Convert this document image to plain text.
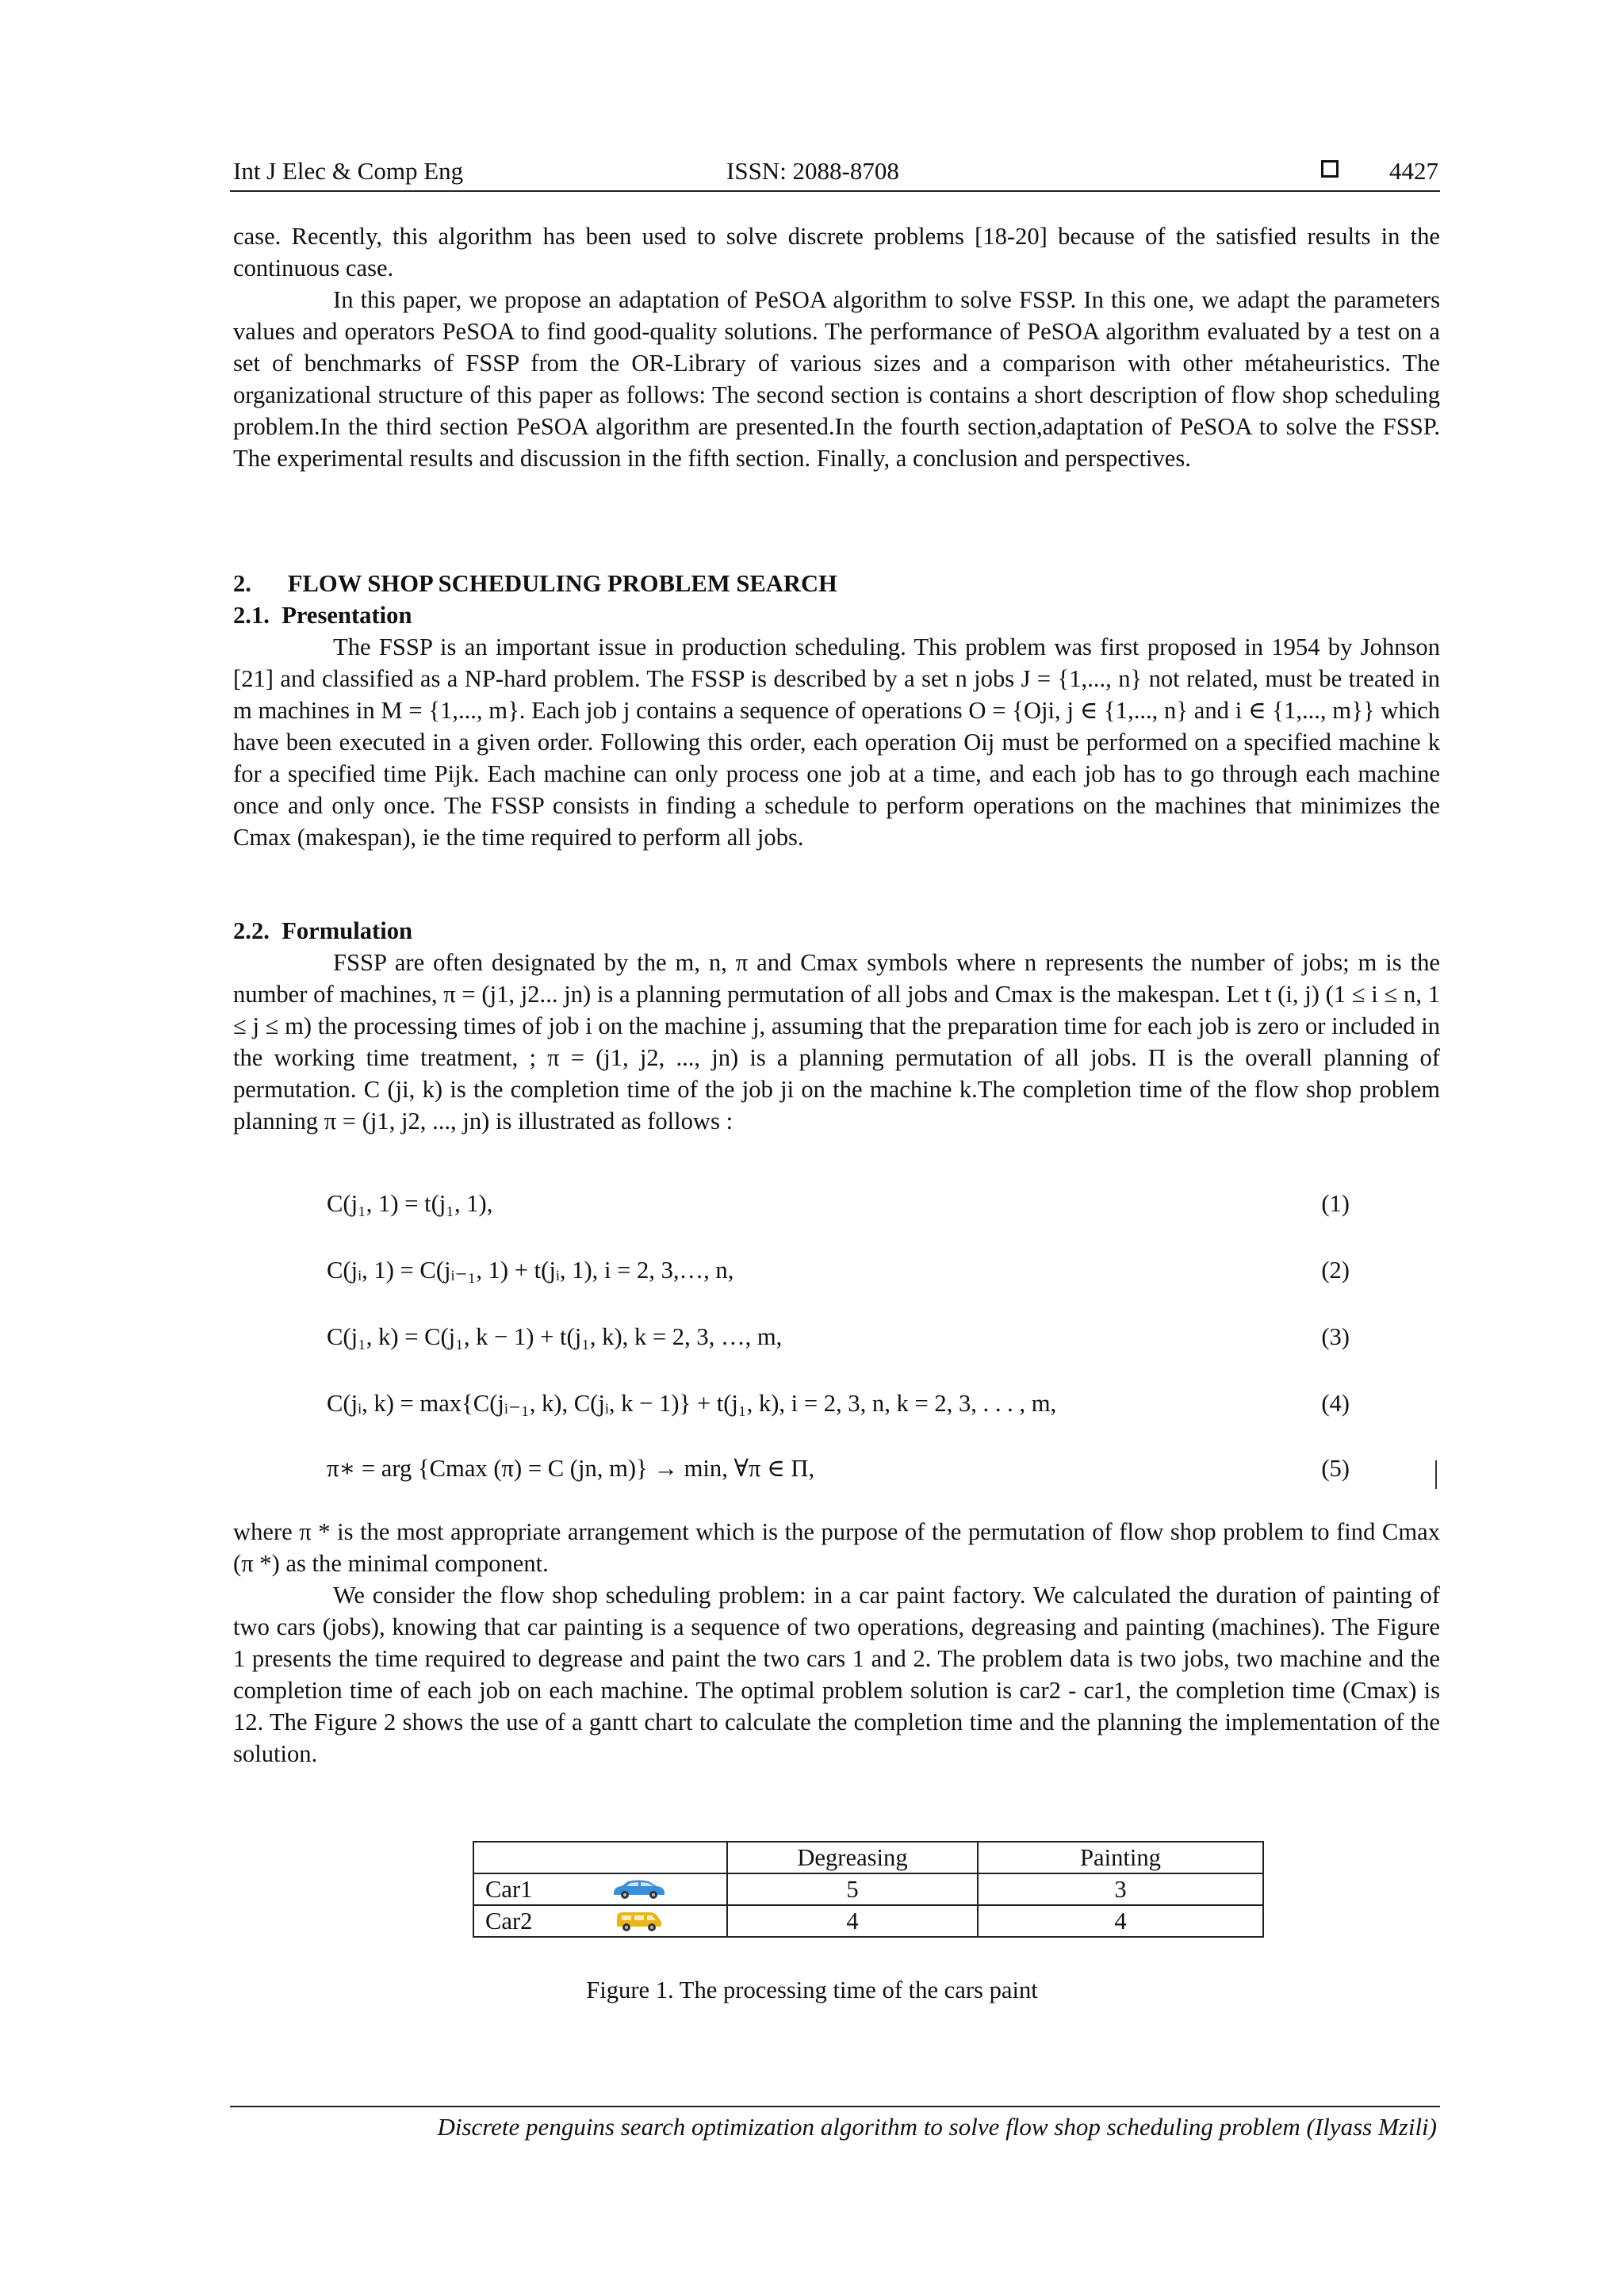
Int J Elec & Comp Eng	ISSN: 2088-8708	4427
case. Recently, this algorithm has been used to solve discrete problems [18-20] because of the satisfied results in the continuous case.
In this paper, we propose an adaptation of PeSOA algorithm to solve FSSP. In this one, we adapt the parameters values and operators PeSOA to find good-quality solutions. The performance of PeSOA algorithm evaluated by a test on a set of benchmarks of FSSP from the OR-Library of various sizes and a comparison with other métaheuristics. The organizational structure of this paper as follows: The second section is contains a short description of flow shop scheduling problem.In the third section PeSOA algorithm are presented.In the fourth section,adaptation of PeSOA to solve the FSSP. The experimental results and discussion in the fifth section. Finally, a conclusion and perspectives.
2.      FLOW SHOP SCHEDULING PROBLEM SEARCH
2.1.  Presentation
The FSSP is an important issue in production scheduling. This problem was first proposed in 1954 by Johnson [21] and classified as a NP-hard problem. The FSSP is described by a set n jobs J = {1,..., n} not related, must be treated in m machines in M = {1,..., m}. Each job j contains a sequence of operations O = {Oji, j ∈ {1,..., n} and i ∈ {1,..., m}} which have been executed in a given order. Following this order, each operation Oij must be performed on a specified machine k for a specified time Pijk. Each machine can only process one job at a time, and each job has to go through each machine once and only once. The FSSP consists in finding a schedule to perform operations on the machines that minimizes the Cmax (makespan), ie the time required to perform all jobs.
2.2.  Formulation
FSSP are often designated by the m, n, π and Cmax symbols where n represents the number of jobs; m is the number of machines, π = (j1, j2... jn) is a planning permutation of all jobs and Cmax is the makespan. Let t (i, j) (1 ≤ i ≤ n, 1 ≤ j ≤ m) the processing times of job i on the machine j, assuming that the preparation time for each job is zero or included in the working time treatment, ; π = (j1, j2, ..., jn) is a planning permutation of all jobs. Π is the overall planning of permutation. C (ji, k) is the completion time of the job ji on the machine k.The completion time of the flow shop problem planning π = (j1, j2, ..., jn) is illustrated as follows :
C(j₁, 1) = t(j₁, 1),	(1)
C(jᵢ, 1) = C(jᵢ₋₁, 1) + t(jᵢ, 1), i = 2, 3,…, n,	(2)
C(j₁, k) = C(j₁, k − 1) + t(j₁, k), k = 2, 3, …, m,	(3)
C(jᵢ, k) = max{C(jᵢ₋₁, k), C(jᵢ, k − 1)} + t(j₁, k), i = 2, 3, n, k = 2, 3, . . . , m,	(4)
π∗ = arg {Cmax (π) = C (jn, m)} → min, ∀π ∈ Π,	(5)
where π * is the most appropriate arrangement which is the purpose of the permutation of flow shop problem to find Cmax (π *) as the minimal component.
We consider the flow shop scheduling problem: in a car paint factory. We calculated the duration of painting of two cars (jobs), knowing that car painting is a sequence of two operations, degreasing and painting (machines). The Figure 1 presents the time required to degrease and paint the two cars 1 and 2. The problem data is two jobs, two machine and the completion time of each job on each machine. The optimal problem solution is car2 - car1, the completion time (Cmax) is 12. The Figure 2 shows the use of a gantt chart to calculate the completion time and the planning the implementation of the solution.
	Degreasing	Painting

Car1	5	3

Car2	4	4
Figure 1. The processing time of the cars paint
Discrete penguins search optimization algorithm to solve flow shop scheduling problem (Ilyass Mzili)
